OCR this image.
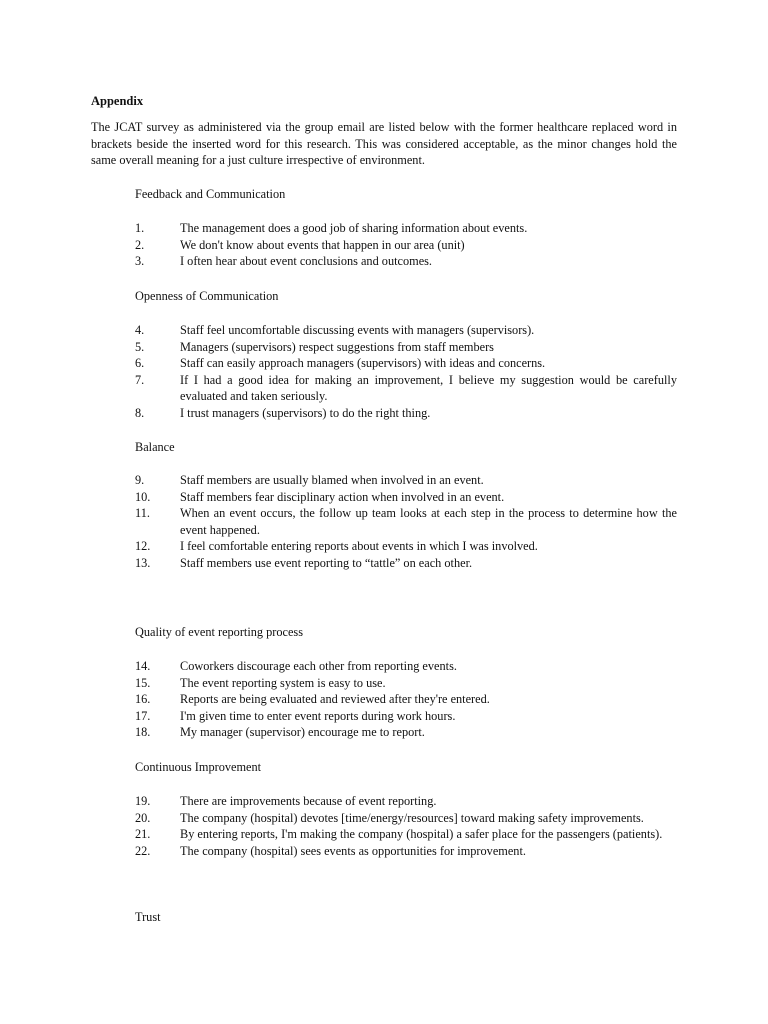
Appendix
The JCAT survey as administered via the group email are listed below with the former healthcare replaced word in brackets beside the inserted word for this research. This was considered acceptable, as the minor changes hold the same overall meaning for a just culture irrespective of environment.
Feedback and Communication
1.	The management does a good job of sharing information about events.
2.	We don't know about events that happen in our area (unit)
3.	I often hear about event conclusions and outcomes.
Openness of Communication
4.	Staff feel uncomfortable discussing events with managers (supervisors).
5.	Managers (supervisors) respect suggestions from staff members
6.	Staff can easily approach managers (supervisors) with ideas and concerns.
7.	If I had a good idea for making an improvement, I believe my suggestion would be carefully evaluated and taken seriously.
8.	I trust managers (supervisors) to do the right thing.
Balance
9.	Staff members are usually blamed when involved in an event.
10.	Staff members fear disciplinary action when involved in an event.
11.	When an event occurs, the follow up team looks at each step in the process to determine how the event happened.
12.	I feel comfortable entering reports about events in which I was involved.
13.	Staff members use event reporting to “tattle” on each other.
Quality of event reporting process
14.	Coworkers discourage each other from reporting events.
15.	The event reporting system is easy to use.
16.	Reports are being evaluated and reviewed after they're entered.
17.	I'm given time to enter event reports during work hours.
18.	My manager (supervisor) encourage me to report.
Continuous Improvement
19.	There are improvements because of event reporting.
20.	The company (hospital) devotes [time/energy/resources] toward making safety improvements.
21.	By entering reports, I'm making the company (hospital) a safer place for the passengers (patients).
22.	The company (hospital) sees events as opportunities for improvement.
Trust
